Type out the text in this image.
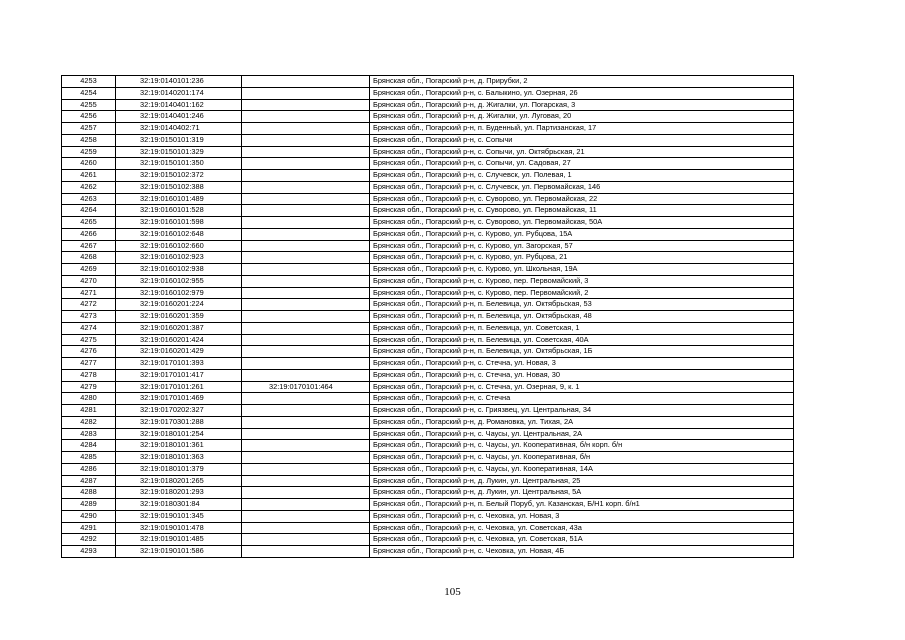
4253	32:19:0140101:236		Брянская обл., Погарский р-н, д. Прирубки, 2
4254	32:19:0140201:174		Брянская обл., Погарский р-н, с. Балыкино, ул. Озерная, 26
4255	32:19:0140401:162		Брянская обл., Погарский р-н, д. Жигалки, ул. Погарская, 3
4256	32:19:0140401:246		Брянская обл., Погарский р-н, д. Жигалки, ул. Луговая, 20
4257	32:19:0140402:71		Брянская обл., Погарский р-н, п. Буденный, ул. Партизанская, 17
4258	32:19:0150101:319		Брянская обл., Погарский р-н, с. Сопычи
4259	32:19:0150101:329		Брянская обл., Погарский р-н, с. Сопычи, ул. Октябрьская, 21
4260	32:19:0150101:350		Брянская обл., Погарский р-н, с. Сопычи, ул. Садовая, 27
4261	32:19:0150102:372		Брянская обл., Погарский р-н, с. Случевск, ул. Полевая, 1
4262	32:19:0150102:388		Брянская обл., Погарский р-н, с. Случевск, ул. Первомайская, 146
4263	32:19:0160101:489		Брянская обл., Погарский р-н, с. Суворово, ул. Первомайская, 22
4264	32:19:0160101:528		Брянская обл., Погарский р-н, с. Суворово, ул. Первомайская, 11
4265	32:19:0160101:598		Брянская обл., Погарский р-н, с. Суворово, ул. Первомайская, 50А
4266	32:19:0160102:648		Брянская обл., Погарский р-н, с. Курово, ул. Рубцова, 15А
4267	32:19:0160102:660		Брянская обл., Погарский р-н, с. Курово, ул. Загорская, 57
4268	32:19:0160102:923		Брянская обл., Погарский р-н, с. Курово, ул. Рубцова, 21
4269	32:19:0160102:938		Брянская обл., Погарский р-н, с. Курово, ул. Школьная, 19А
4270	32:19:0160102:955		Брянская обл., Погарский р-н, с. Курово, пер. Первомайский, 3
4271	32:19:0160102:979		Брянская обл., Погарский р-н, с. Курово, пер. Первомайский, 2
4272	32:19:0160201:224		Брянская обл., Погарский р-н, п. Белевица, ул. Октябрьская, 53
4273	32:19:0160201:359		Брянская обл., Погарский р-н, п. Белевица, ул. Октябрьская, 48
4274	32:19:0160201:387		Брянская обл., Погарский р-н, п. Белевица, ул. Советская, 1
4275	32:19:0160201:424		Брянская обл., Погарский р-н, п. Белевица, ул. Советская, 40А
4276	32:19:0160201:429		Брянская обл., Погарский р-н, п. Белевица, ул. Октябрьская, 1Б
4277	32:19:0170101:393		Брянская обл., Погарский р-н, с. Стечна, ул. Новая, 3
4278	32:19:0170101:417		Брянская обл., Погарский р-н, с. Стечна, ул. Новая, 30
4279	32:19:0170101:261	32:19:0170101:464	Брянская обл., Погарский р-н, с. Стечна, ул. Озерная, 9, к. 1
4280	32:19:0170101:469		Брянская обл., Погарский р-н, с. Стечна
4281	32:19:0170202:327		Брянская обл., Погарский р-н, с. Гриязвец, ул. Центральная, 34
4282	32:19:0170301:288		Брянская обл., Погарский р-н, д. Романовка, ул. Тихая, 2А
4283	32:19:0180101:254		Брянская обл., Погарский р-н, с. Чаусы, ул. Центральная, 2А
4284	32:19:0180101:361		Брянская обл., Погарский р-н, с. Чаусы, ул. Кооперативная, б/н корп. б/н
4285	32:19:0180101:363		Брянская обл., Погарский р-н, с. Чаусы, ул. Кооперативная, б/н
4286	32:19:0180101:379		Брянская обл., Погарский р-н, с. Чаусы, ул. Кооперативная, 14А
4287	32:19:0180201:265		Брянская обл., Погарский р-н, д. Лукин, ул. Центральная, 25
4288	32:19:0180201:293		Брянская обл., Погарский р-н, д. Лукин, ул. Центральная, 5А
4289	32:19:0180301:84		Брянская обл., Погарский р-н, п. Белый Поруб, ул. Казанская, Б/Н1 корп. б/н1
4290	32:19:0190101:345		Брянская обл., Погарский р-н, с. Чеховка, ул. Новая, 3
4291	32:19:0190101:478		Брянская обл., Погарский р-н, с. Чеховка, ул. Советская, 43а
4292	32:19:0190101:485		Брянская обл., Погарский р-н, с. Чеховка, ул. Советская, 51А
4293	32:19:0190101:586		Брянская обл., Погарский р-н, с. Чеховка, ул. Новая, 4Б
105
